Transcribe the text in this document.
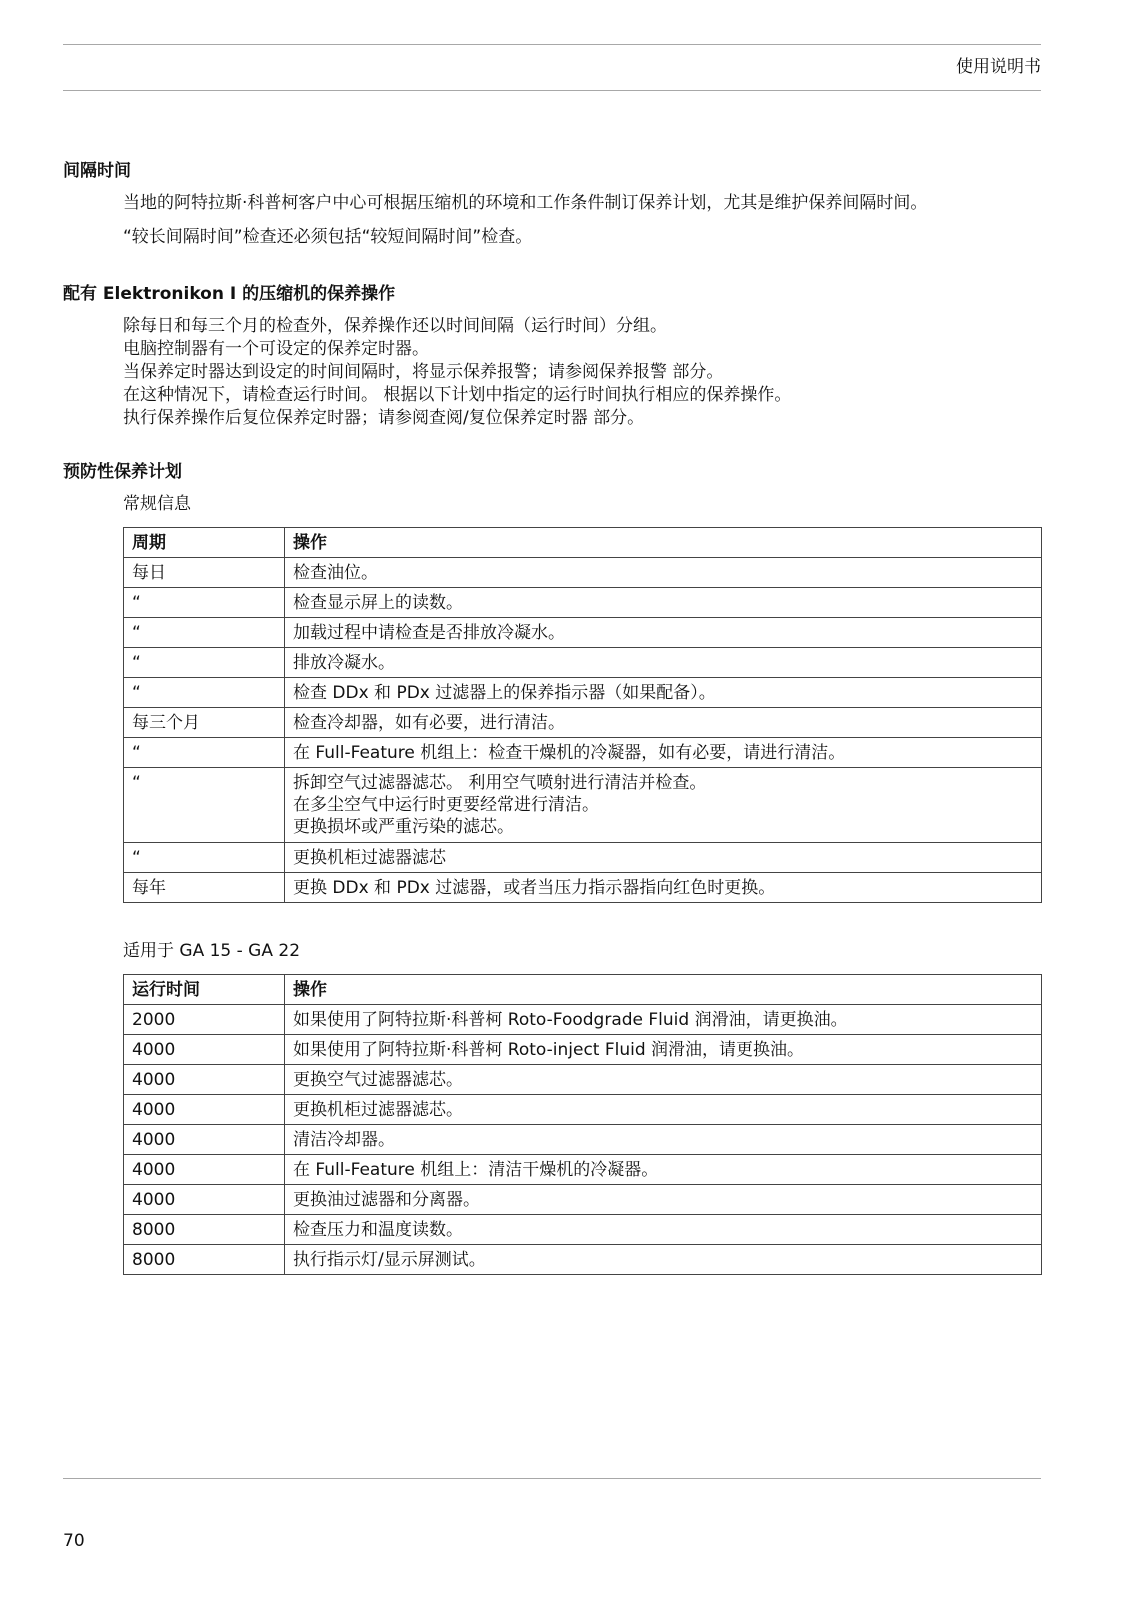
使用说明书
间隔时间
当地的阿特拉斯·科普柯客户中心可根据压缩机的环境和工作条件制订保养计划，尤其是维护保养间隔时间。
“较长间隔时间”检查还必须包括“较短间隔时间”检查。
配有 Elektronikon I 的压缩机的保养操作
除每日和每三个月的检查外，保养操作还以时间间隔（运行时间）分组。
电脑控制器有一个可设定的保养定时器。
当保养定时器达到设定的时间间隔时，将显示保养报警；请参阅保养报警 部分。
在这种情况下，请检查运行时间。 根据以下计划中指定的运行时间执行相应的保养操作。
执行保养操作后复位保养定时器；请参阅查阅/复位保养定时器 部分。
预防性保养计划
常规信息
周期	操作
每日	检查油位。
“	检查显示屏上的读数。
“	加载过程中请检查是否排放冷凝水。
“	排放冷凝水。
“	检查 DDx 和 PDx 过滤器上的保养指示器（如果配备）。
每三个月	检查冷却器，如有必要，进行清洁。
“	在 Full-Feature 机组上：检查干燥机的冷凝器，如有必要，请进行清洁。
“	拆卸空气过滤器滤芯。 利用空气喷射进行清洁并检查。
在多尘空气中运行时更要经常进行清洁。
更换损坏或严重污染的滤芯。

“	更换机柜过滤器滤芯
每年	更换 DDx 和 PDx 过滤器，或者当压力指示器指向红色时更换。
适用于 GA 15 - GA 22
运行时间	操作
2000	如果使用了阿特拉斯·科普柯 Roto-Foodgrade Fluid 润滑油，请更换油。
4000	如果使用了阿特拉斯·科普柯 Roto-inject Fluid 润滑油，请更换油。
4000	更换空气过滤器滤芯。
4000	更换机柜过滤器滤芯。
4000	清洁冷却器。
4000	在 Full-Feature 机组上：清洁干燥机的冷凝器。
4000	更换油过滤器和分离器。
8000	检查压力和温度读数。
8000	执行指示灯/显示屏测试。
70
